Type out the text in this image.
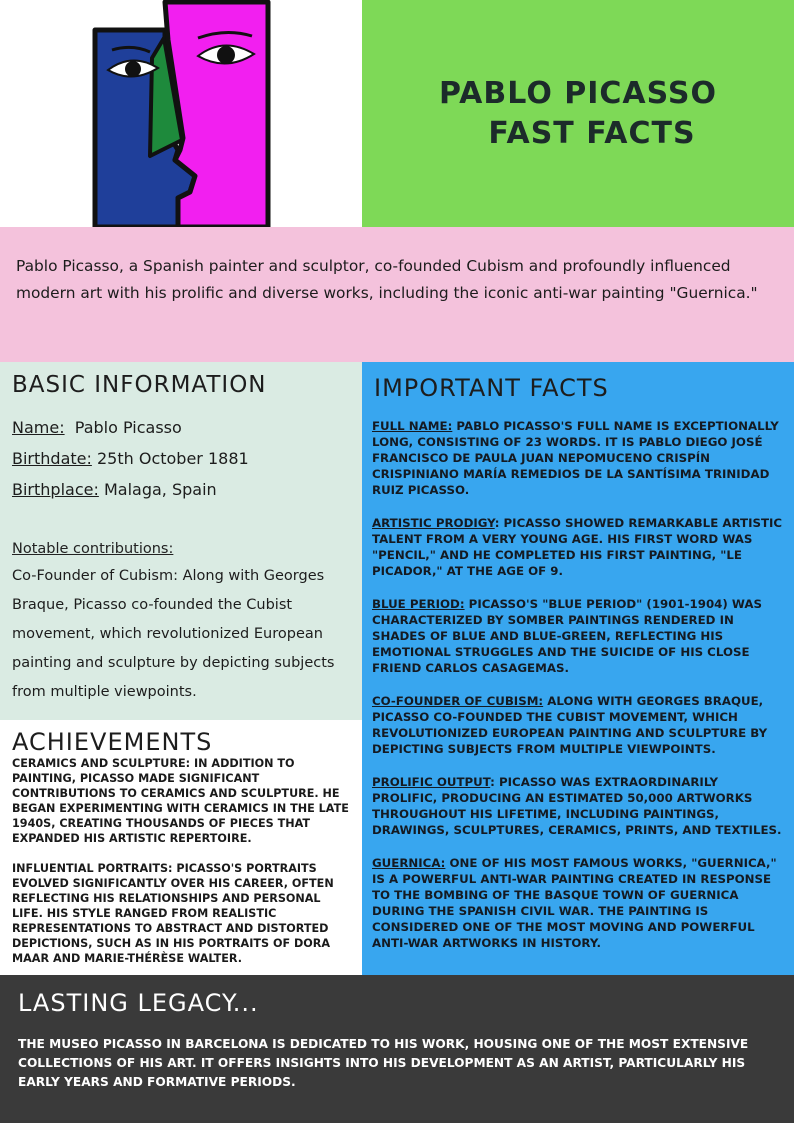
PABLO PICASSO
FAST FACTS

Pablo Picasso, a Spanish painter and sculptor, co-founded Cubism and profoundly influenced modern art with his prolific and diverse works, including the iconic anti-war painting "Guernica."

BASIC INFORMATION
Name: Pablo Picasso
Birthdate: 25th October 1881
Birthplace: Malaga, Spain
Notable contributions:
Co-Founder of Cubism: Along with Georges Braque, Picasso co-founded the Cubist movement, which revolutionized European painting and sculpture by depicting subjects from multiple viewpoints.
ACHIEVEMENTS
CERAMICS AND SCULPTURE: IN ADDITION TO PAINTING, PICASSO MADE SIGNIFICANT CONTRIBUTIONS TO CERAMICS AND SCULPTURE. HE BEGAN EXPERIMENTING WITH CERAMICS IN THE LATE 1940S, CREATING THOUSANDS OF PIECES THAT EXPANDED HIS ARTISTIC REPERTOIRE.
INFLUENTIAL PORTRAITS: PICASSO'S PORTRAITS EVOLVED SIGNIFICANTLY OVER HIS CAREER, OFTEN REFLECTING HIS RELATIONSHIPS AND PERSONAL LIFE. HIS STYLE RANGED FROM REALISTIC REPRESENTATIONS TO ABSTRACT AND DISTORTED DEPICTIONS, SUCH AS IN HIS PORTRAITS OF DORA MAAR AND MARIE-THÉRÈSE WALTER.
IMPORTANT FACTS
FULL NAME: PABLO PICASSO'S FULL NAME IS EXCEPTIONALLY LONG, CONSISTING OF 23 WORDS. IT IS PABLO DIEGO JOSÉ FRANCISCO DE PAULA JUAN NEPOMUCENO CRISPÍN CRISPINIANO MARÍA REMEDIOS DE LA SANTÍSIMA TRINIDAD RUIZ PICASSO.
ARTISTIC PRODIGY: PICASSO SHOWED REMARKABLE ARTISTIC TALENT FROM A VERY YOUNG AGE. HIS FIRST WORD WAS "PENCIL," AND HE COMPLETED HIS FIRST PAINTING, "LE PICADOR," AT THE AGE OF 9.
BLUE PERIOD: PICASSO'S "BLUE PERIOD" (1901-1904) WAS CHARACTERIZED BY SOMBER PAINTINGS RENDERED IN SHADES OF BLUE AND BLUE-GREEN, REFLECTING HIS EMOTIONAL STRUGGLES AND THE SUICIDE OF HIS CLOSE FRIEND CARLOS CASAGEMAS.
CO-FOUNDER OF CUBISM: ALONG WITH GEORGES BRAQUE, PICASSO CO-FOUNDED THE CUBIST MOVEMENT, WHICH REVOLUTIONIZED EUROPEAN PAINTING AND SCULPTURE BY DEPICTING SUBJECTS FROM MULTIPLE VIEWPOINTS.
PROLIFIC OUTPUT: PICASSO WAS EXTRAORDINARILY PROLIFIC, PRODUCING AN ESTIMATED 50,000 ARTWORKS THROUGHOUT HIS LIFETIME, INCLUDING PAINTINGS, DRAWINGS, SCULPTURES, CERAMICS, PRINTS, AND TEXTILES.
GUERNICA: ONE OF HIS MOST FAMOUS WORKS, "GUERNICA," IS A POWERFUL ANTI-WAR PAINTING CREATED IN RESPONSE TO THE BOMBING OF THE BASQUE TOWN OF GUERNICA DURING THE SPANISH CIVIL WAR. THE PAINTING IS CONSIDERED ONE OF THE MOST MOVING AND POWERFUL ANTI-WAR ARTWORKS IN HISTORY.
LASTING LEGACY...

THE MUSEO PICASSO IN BARCELONA IS DEDICATED TO HIS WORK, HOUSING ONE OF THE MOST EXTENSIVE COLLECTIONS OF HIS ART. IT OFFERS INSIGHTS INTO HIS DEVELOPMENT AS AN ARTIST, PARTICULARLY HIS EARLY YEARS AND FORMATIVE PERIODS.
